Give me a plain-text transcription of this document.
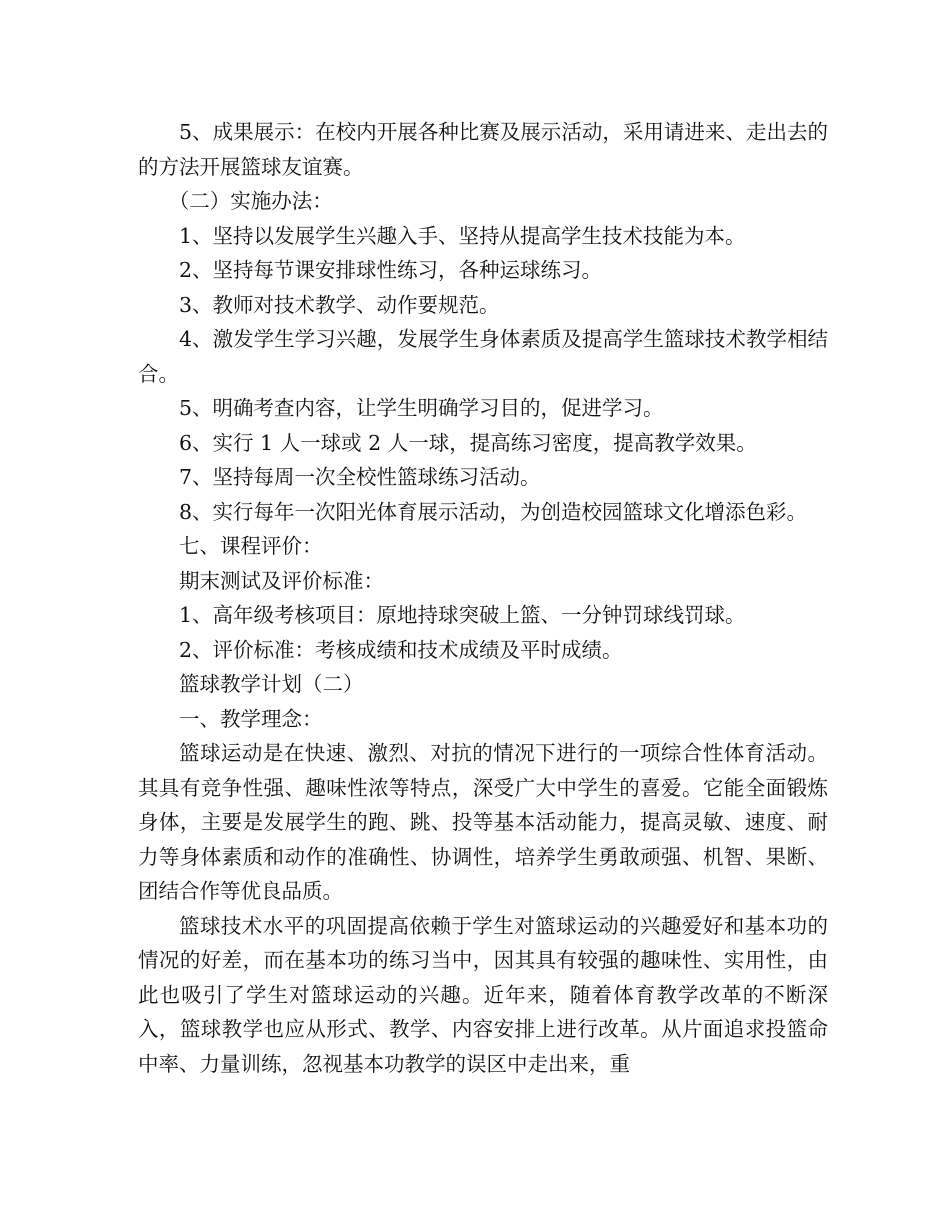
5、成果展示：在校内开展各种比赛及展示活动，采用请进来、走出去的的方法开展篮球友谊赛。

（二）实施办法：

1、坚持以发展学生兴趣入手、坚持从提高学生技术技能为本。

2、坚持每节课安排球性练习，各种运球练习。

3、教师对技术教学、动作要规范。

4、激发学生学习兴趣，发展学生身体素质及提高学生篮球技术教学相结合。

5、明确考查内容，让学生明确学习目的，促进学习。

6、实行 1 人一球或 2 人一球，提高练习密度，提高教学效果。

7、坚持每周一次全校性篮球练习活动。

8、实行每年一次阳光体育展示活动，为创造校园篮球文化增添色彩。

七、课程评价：

期末测试及评价标准：

1、高年级考核项目：原地持球突破上篮、一分钟罚球线罚球。

2、评价标准：考核成绩和技术成绩及平时成绩。

篮球教学计划（二）

一、教学理念：

篮球运动是在快速、激烈、对抗的情况下进行的一项综合性体育活动。其具有竞争性强、趣味性浓等特点，深受广大中学生的喜爱。它能全面锻炼身体，主要是发展学生的跑、跳、投等基本活动能力，提高灵敏、速度、耐力等身体素质和动作的准确性、协调性，培养学生勇敢顽强、机智、果断、团结合作等优良品质。

篮球技术水平的巩固提高依赖于学生对篮球运动的兴趣爱好和基本功的情况的好差，而在基本功的练习当中，因其具有较强的趣味性、实用性，由此也吸引了学生对篮球运动的兴趣。近年来，随着体育教学改革的不断深入，篮球教学也应从形式、教学、内容安排上进行改革。从片面追求投篮命中率、力量训练，忽视基本功教学的误区中走出来，重
